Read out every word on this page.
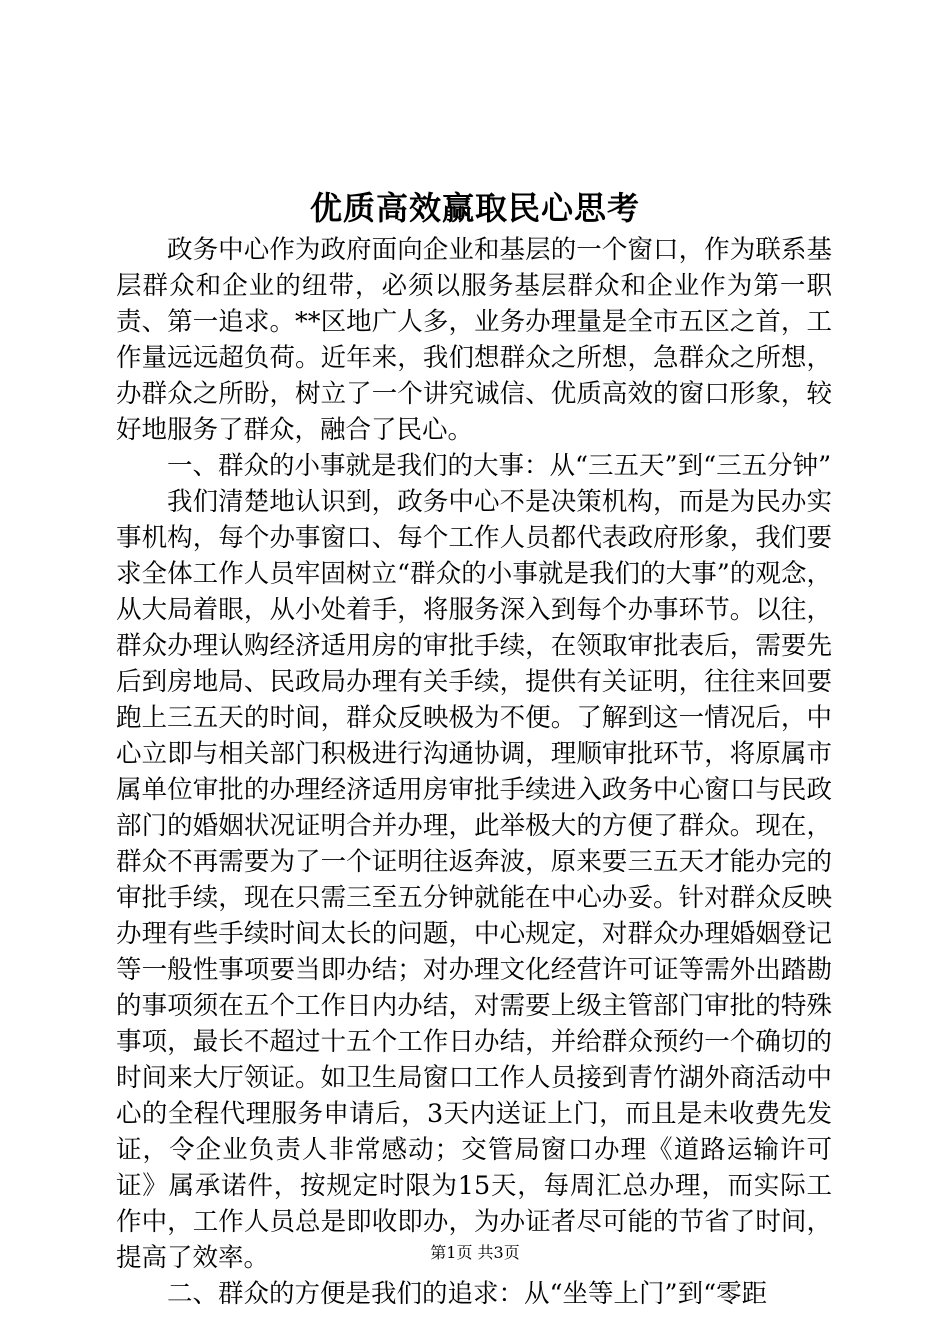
优质高效赢取民心思考

政务中心作为政府面向企业和基层的一个窗口，作为联系基层群众和企业的纽带，必须以服务基层群众和企业作为第一职责、第一追求。**区地广人多，业务办理量是全市五区之首，工作量远远超负荷。近年来，我们想群众之所想，急群众之所想，办群众之所盼，树立了一个讲究诚信、优质高效的窗口形象，较好地服务了群众，融合了民心。

一、群众的小事就是我们的大事：从“三五天”到“三五分钟”

我们清楚地认识到，政务中心不是决策机构，而是为民办实事机构，每个办事窗口、每个工作人员都代表政府形象，我们要求全体工作人员牢固树立“群众的小事就是我们的大事”的观念，从大局着眼，从小处着手，将服务深入到每个办事环节。以往，群众办理认购经济适用房的审批手续，在领取审批表后，需要先后到房地局、民政局办理有关手续，提供有关证明，往往来回要跑上三五天的时间，群众反映极为不便。了解到这一情况后，中心立即与相关部门积极进行沟通协调，理顺审批环节，将原属市属单位审批的办理经济适用房审批手续进入政务中心窗口与民政部门的婚姻状况证明合并办理，此举极大的方便了群众。现在，群众不再需要为了一个证明往返奔波，原来要三五天才能办完的审批手续，现在只需三至五分钟就能在中心办妥。针对群众反映办理有些手续时间太长的问题，中心规定，对群众办理婚姻登记等一般性事项要当即办结；对办理文化经营许可证等需外出踏勘的事项须在五个工作日内办结，对需要上级主管部门审批的特殊事项，最长不超过十五个工作日办结，并给群众预约一个确切的时间来大厅领证。如卫生局窗口工作人员接到青竹湖外商活动中心的全程代理服务申请后，3天内送证上门，而且是未收费先发证，令企业负责人非常感动；交管局窗口办理《道路运输许可证》属承诺件，按规定时限为15天，每周汇总办理，而实际工作中，工作人员总是即收即办，为办证者尽可能的节省了时间，提高了效率。

二、群众的方便是我们的追求：从“坐等上门”到“零距

第1页 共3页
